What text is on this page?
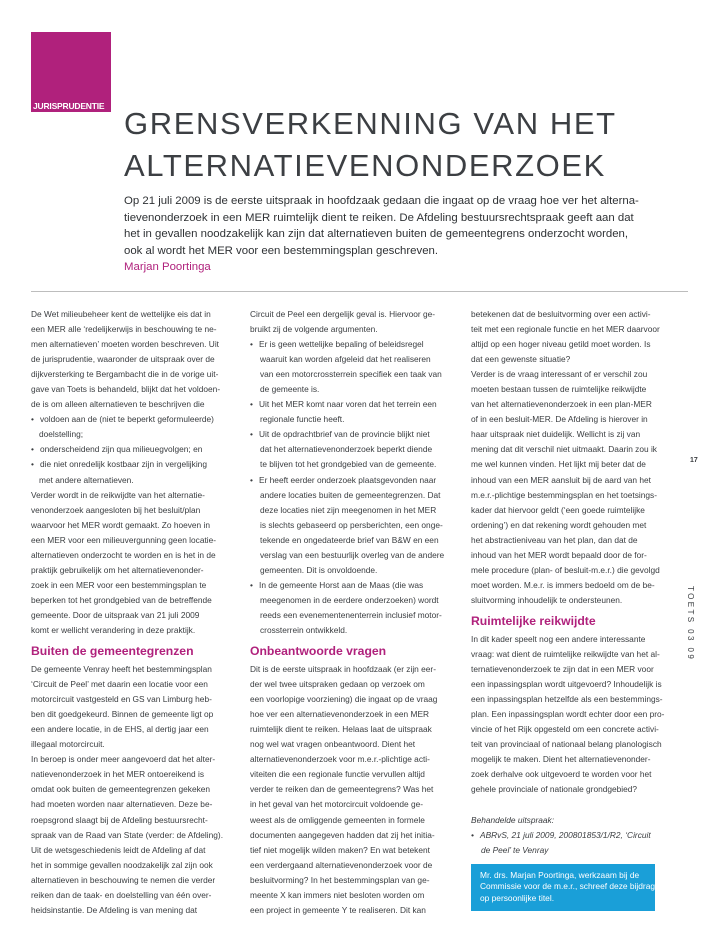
JURISPRUDENTIE GRENSVERKENNING VAN HET
ALTERNATIEVENONDERZOEK
Op 21 juli 2009 is de eerste uitspraak in hoofdzaak gedaan die ingaat op de vraag hoe ver het alterna-
tievenonderzoek in een MER ruimtelijk dient te reiken. De Afdeling bestuursrechtspraak geeft aan dat
het in gevallen noodzakelijk kan zijn dat alternatieven buiten de gemeentegrens onderzocht worden,
ook al wordt het MER voor een bestemmingsplan geschreven.
Marjan Poortinga
De Wet milieubeheer kent de wettelijke eis dat in
een MER alle ‘redelijkerwijs in beschouwing te ne-
men alternatieven’ moeten worden beschreven. Uit
de jurisprudentie, waaronder de uitspraak over de
dijkversterking te Bergambacht die in de vorige uit-
gave van Toets is behandeld, blijkt dat het voldoen-
de is om alleen alternatieven te beschrijven die
• voldoen aan de (niet te beperkt geformuleerde)
doelstelling;
• onderscheidend zijn qua milieuegvolgen; en
• die niet onredelijk kostbaar zijn in vergelijking
met andere alternatieven.
Verder wordt in de reikwijdte van het alternatie-
venonderzoek aangesloten bij het besluit/plan
waarvoor het MER wordt gemaakt. Zo hoeven in
een MER voor een milieuvergunning geen locatie-
alternatieven onderzocht te worden en is het in de
praktijk gebruikelijk om het alternatievenonder-
zoek in een MER voor een bestemmingsplan te
beperken tot het grondgebied van de betreffende
gemeente. Door de uitspraak van 21 juli 2009
komt er wellicht verandering in deze praktijk.
Buiten de gemeentegrenzen
De gemeente Venray heeft het bestemmingsplan
‘Circuit de Peel’ met daarin een locatie voor een
motorcircuit vastgesteld en GS van Limburg heb-
ben dit goedgekeurd. Binnen de gemeente ligt op
een andere locatie, in de EHS, al dertig jaar een
illegaal motorcircuit.
In beroep is onder meer aangevoerd dat het alter-
natievenonderzoek in het MER ontoereikend is
omdat ook buiten de gemeentegrenzen gekeken
had moeten worden naar alternatieven. Deze be-
roepsgrond slaagt bij de Afdeling bestuursrecht-
spraak van de Raad van State (verder: de Afdeling).
Uit de wetsgeschiedenis leidt de Afdeling af dat
het in sommige gevallen noodzakelijk zal zijn ook
alternatieven in beschouwing te nemen die verder
reiken dan de taak- en doelstelling van één over-
heidsinstantie. De Afdeling is van mening dat
Circuit de Peel een dergelijk geval is. Hiervoor ge-
bruikt zij de volgende argumenten.
• Er is geen wettelijke bepaling of beleidsregel
waaruit kan worden afgeleid dat het realiseren
van een motorcrossterrein specifiek een taak van
de gemeente is.
• Uit het MER komt naar voren dat het terrein een
regionale functie heeft.
• Uit de opdrachtbrief van de provincie blijkt niet
dat het alternatievenonderzoek beperkt diende
te blijven tot het grondgebied van de gemeente.
• Er heeft eerder onderzoek plaatsgevonden naar
andere locaties buiten de gemeentegrenzen. Dat
deze locaties niet zijn meegenomen in het MER
is slechts gebaseerd op persberichten, een onge-
tekende en ongedateerde brief van B&W en een
verslag van een bestuurlijk overleg van de andere
gemeenten. Dit is onvoldoende.
• In de gemeente Horst aan de Maas (die was
meegenomen in de eerdere onderzoeken) wordt
reeds een evenementenenterrein inclusief motor-
crossterrein ontwikkeld.
Onbeantwoorde vragen
Dit is de eerste uitspraak in hoofdzaak (er zijn eer-
der wel twee uitspraken gedaan op verzoek om
een voorlopige voorziening) die ingaat op de vraag
hoe ver een alternatievenonderzoek in een MER
ruimtelijk dient te reiken. Helaas laat de uitspraak
nog wel wat vragen onbeantwoord. Dient het
alternatievenonderzoek voor m.e.r.-plichtige acti-
viteiten die een regionale functie vervullen altijd
verder te reiken dan de gemeentegrens? Was het
in het geval van het motorcircuit voldoende ge-
weest als de omliggende gemeenten in formele
documenten aangegeven hadden dat zij het initia-
tief niet mogelijk wilden maken? En wat betekent
een verdergaand alternatievenonderzoek voor de
besluitvorming? In het bestemmingsplan van ge-
meente X kan immers niet besloten worden om
een project in gemeente Y te realiseren. Dit kan
betekenen dat de besluitvorming over een activi-
teit met een regionale functie en het MER daarvoor
altijd op een hoger niveau getild moet worden. Is
dat een gewenste situatie?
Verder is de vraag interessant of er verschil zou
moeten bestaan tussen de ruimtelijke reikwijdte
van het alternatievenonderzoek in een plan-MER
of in een besluit-MER. De Afdeling is hierover in
haar uitspraak niet duidelijk. Wellicht is zij van
mening dat dit verschil niet uitmaakt. Daarin zou ik
me wel kunnen vinden. Het lijkt mij beter dat de
inhoud van een MER aansluit bij de aard van het
m.e.r.-plichtige bestemmingsplan en het toetsings-
kader dat hiervoor geldt (‘een goede ruimtelijke
ordening’) en dat rekening wordt gehouden met
het abstractieniveau van het plan, dan dat de
inhoud van het MER wordt bepaald door de for-
mele procedure (plan- of besluit-m.e.r.) die gevolgd
moet worden. M.e.r. is immers bedoeld om de be-
sluitvorming inhoudelijk te ondersteunen.
Ruimtelijke reikwijdte
In dit kader speelt nog een andere interessante
vraag: wat dient de ruimtelijke reikwijdte van het al-
ternatievenonderzoek te zijn dat in een MER voor
een inpassingsplan wordt uitgevoerd? Inhoudelijk is
een inpassingsplan hetzelfde als een bestemmings-
plan. Een inpassingsplan wordt echter door een pro-
vincie of het Rijk opgesteld om een concrete activi-
teit van provinciaal of nationaal belang planologisch
mogelijk te maken. Dient het alternatievenonder-
zoek derhalve ook uitgevoerd te worden voor het
gehele provinciale of nationale grondgebied?
Behandelde uitspraak:
• ABRvS, 21 juli 2009, 200801853/1/R2, ‘Circuit
de Peel’ te Venray
Mr. drs. Marjan Poortinga, werkzaam bij de
Commissie voor de m.e.r., schreef deze bijdrage
op persoonlijke titel.
17
TOETS 03 09
